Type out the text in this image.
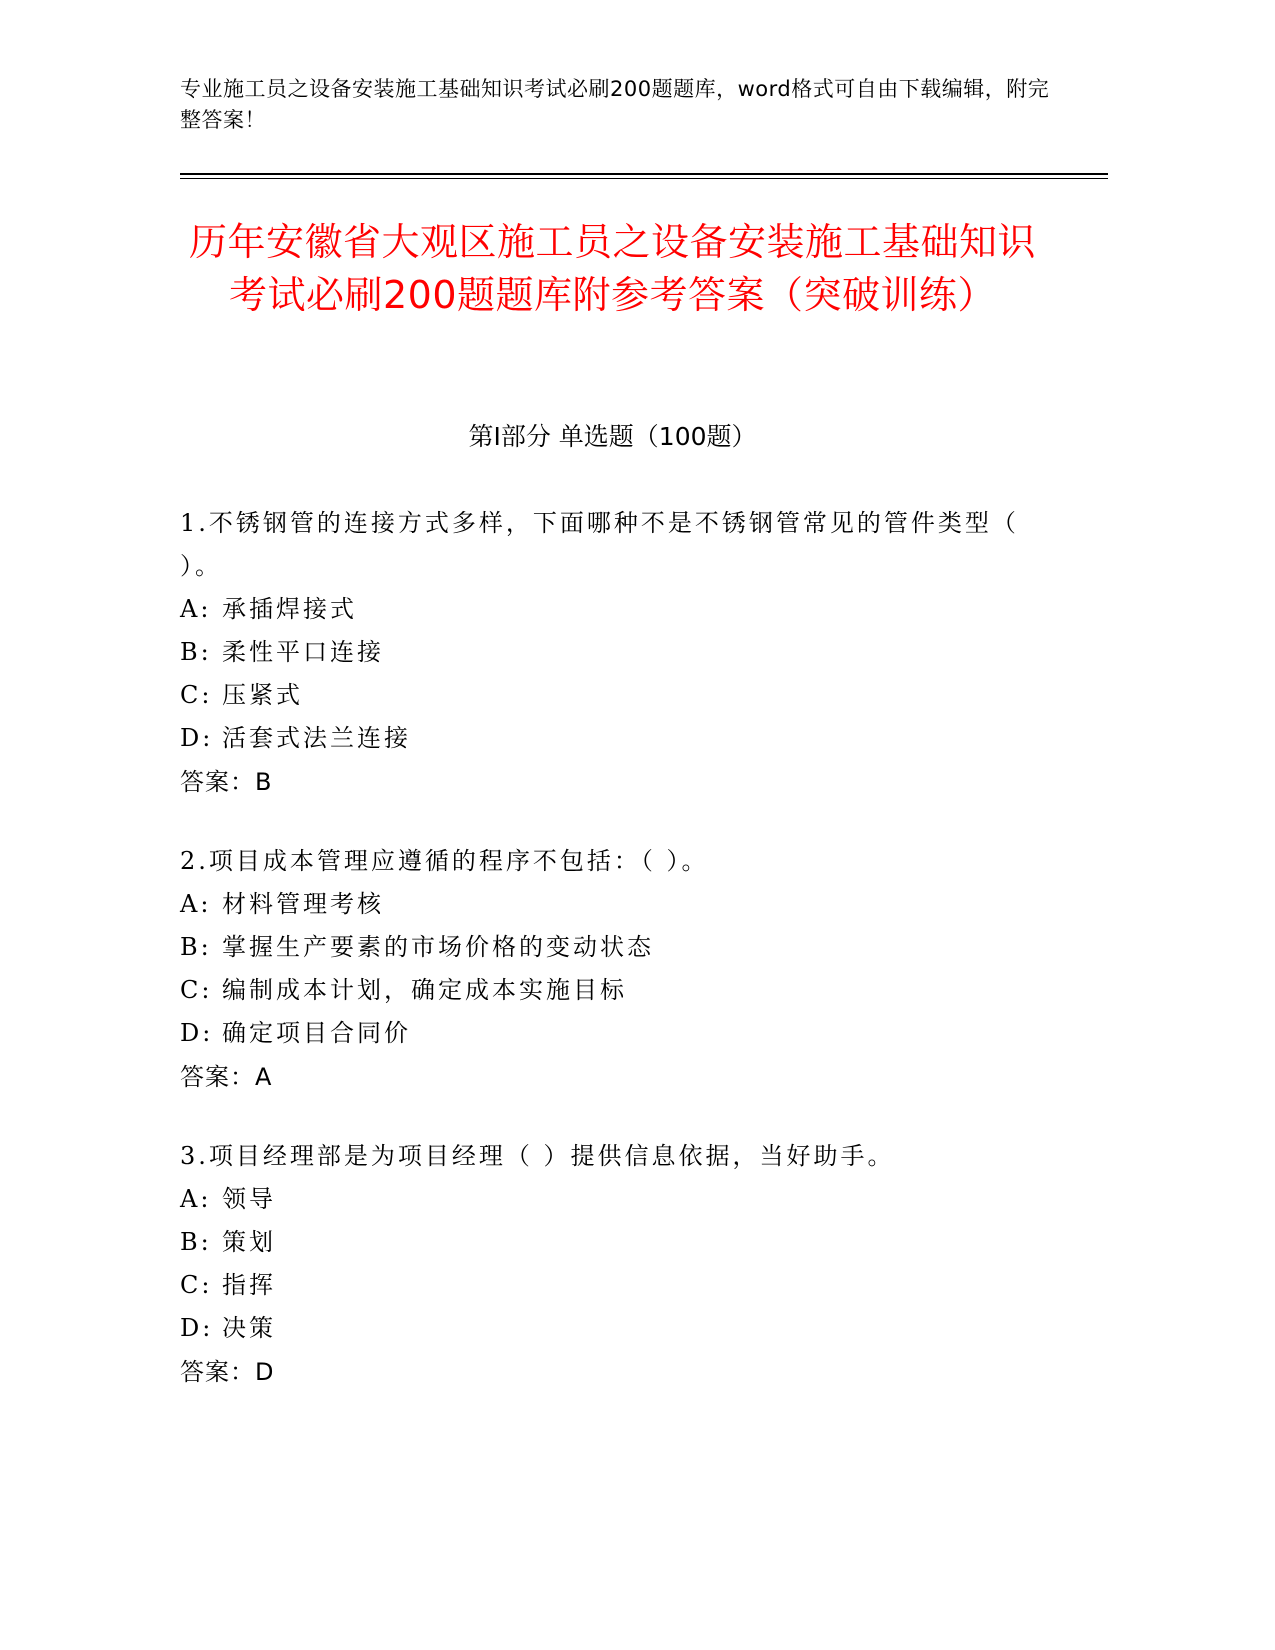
专业施工员之设备安装施工基础知识考试必刷200题题库，word格式可自由下载编辑，附完整答案！
历年安徽省大观区施工员之设备安装施工基础知识考试必刷200题题库附参考答案（突破训练）
第Ⅰ部分 单选题（100题）
1.不锈钢管的连接方式多样，下面哪种不是不锈钢管常见的管件类型（ ）。
A: 承插焊接式
B: 柔性平口连接
C: 压紧式
D: 活套式法兰连接
答案：B
2.项目成本管理应遵循的程序不包括：（ ）。
A: 材料管理考核
B: 掌握生产要素的市场价格的变动状态
C: 编制成本计划，确定成本实施目标
D: 确定项目合同价
答案：A
3.项目经理部是为项目经理（ ）提供信息依据，当好助手。
A: 领导
B: 策划
C: 指挥
D: 决策
答案：D
